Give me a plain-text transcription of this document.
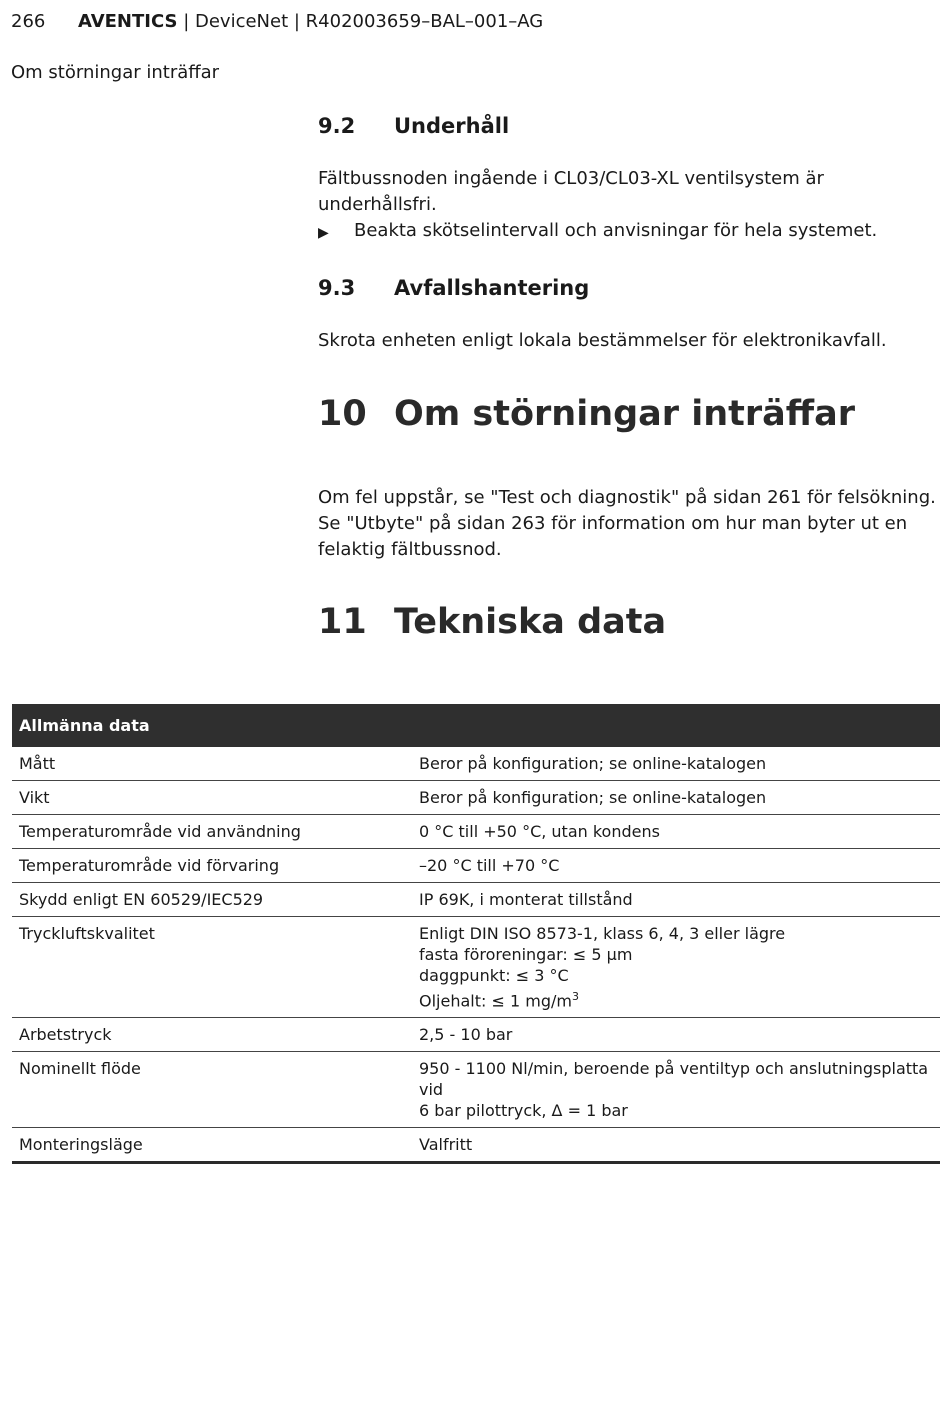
266 AVENTICS | DeviceNet | R402003659–BAL–001–AG
Om störningar inträffar
9.2 Underhåll
Fältbussnoden ingående i CL03/CL03-XL ventilsystem är underhållsfri.
▶	Beakta skötselintervall och anvisningar för hela systemet.
9.3 Avfallshantering
Skrota enheten enligt lokala bestämmelser för elektronikavfall.
10 Om störningar inträffar
Om fel uppstår, se "Test och diagnostik" på sidan 261 för felsökning. Se "Utbyte" på sidan 263 för information om hur man byter ut en felaktig fältbussnod.
11 Tekniska data
Allmänna data	
Mått	Beror på konfiguration; se online-katalogen
Vikt	Beror på konfiguration; se online-katalogen
Temperaturområde vid användning	0 °C till +50 °C, utan kondens
Temperaturområde vid förvaring	–20 °C till +70 °C
Skydd enligt EN 60529/IEC529	IP 69K, i monterat tillstånd
Tryckluftskvalitet	Enligt DIN ISO 8573-1, klass 6, 4, 3 eller lägre
fasta föroreningar: ≤ 5 µm
daggpunkt: ≤ 3 °C
Oljehalt: ≤ 1 $mg/m^3$

Arbetstryck	2,5 - 10 bar
Nominellt flöde	950 - 1100 Nl/min, beroende på ventiltyp och anslutningsplatta vid
6 bar pilottryck, Δ = 1 bar

Monteringsläge	Valfritt
